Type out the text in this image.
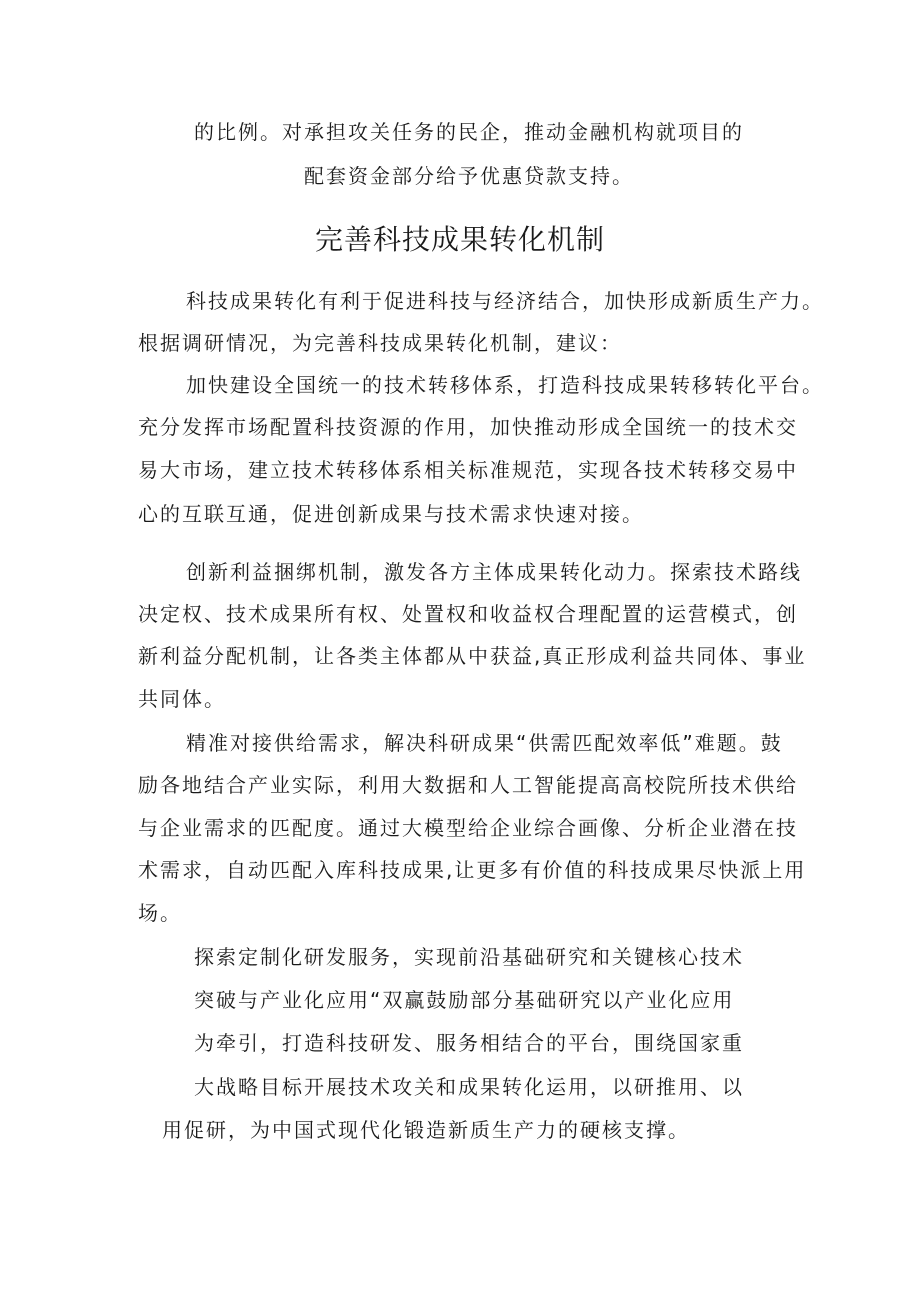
的比例。对承担攻关任务的民企，推动金融机构就项目的
配套资金部分给予优惠贷款支持。
完善科技成果转化机制
科技成果转化有利于促进科技与经济结合，加快形成新质生产力。
根据调研情况，为完善科技成果转化机制，建议：
加快建设全国统一的技术转移体系，打造科技成果转移转化平台。
充分发挥市场配置科技资源的作用，加快推动形成全国统一的技术交
易大市场，建立技术转移体系相关标准规范，实现各技术转移交易中
心的互联互通，促进创新成果与技术需求快速对接。
创新利益捆绑机制，激发各方主体成果转化动力。探索技术路线
决定权、技术成果所有权、处置权和收益权合理配置的运营模式，创
新利益分配机制，让各类主体都从中获益,真正形成利益共同体、事业
共同体。
精准对接供给需求，解决科研成果“供需匹配效率低”难题。鼓
励各地结合产业实际，利用大数据和人工智能提高高校院所技术供给
与企业需求的匹配度。通过大模型给企业综合画像、分析企业潜在技
术需求，自动匹配入库科技成果,让更多有价值的科技成果尽快派上用
场。
探索定制化研发服务，实现前沿基础研究和关键核心技术
突破与产业化应用“双赢鼓励部分基础研究以产业化应用
为牵引，打造科技研发、服务相结合的平台，围绕国家重
大战略目标开展技术攻关和成果转化运用，以研推用、以
用促研，为中国式现代化锻造新质生产力的硬核支撑。
